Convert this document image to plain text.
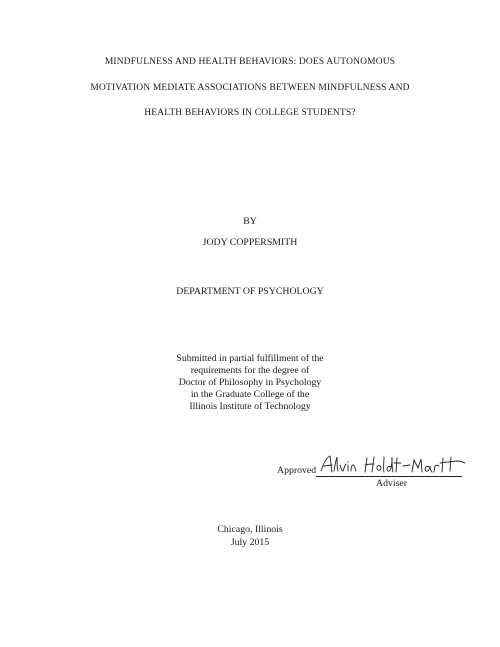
MINDFULNESS AND HEALTH BEHAVIORS: DOES AUTONOMOUS
MOTIVATION MEDIATE ASSOCIATIONS BETWEEN MINDFULNESS AND
HEALTH BEHAVIORS IN COLLEGE STUDENTS?
BY
JODY COPPERSMITH
DEPARTMENT OF PSYCHOLOGY
Submitted in partial fulfillment of the
requirements for the degree of
Doctor of Philosophy in Psychology
in the Graduate College of the
Illinois Institute of Technology
Approved
Adviser
Chicago, Illinois
July 2015
